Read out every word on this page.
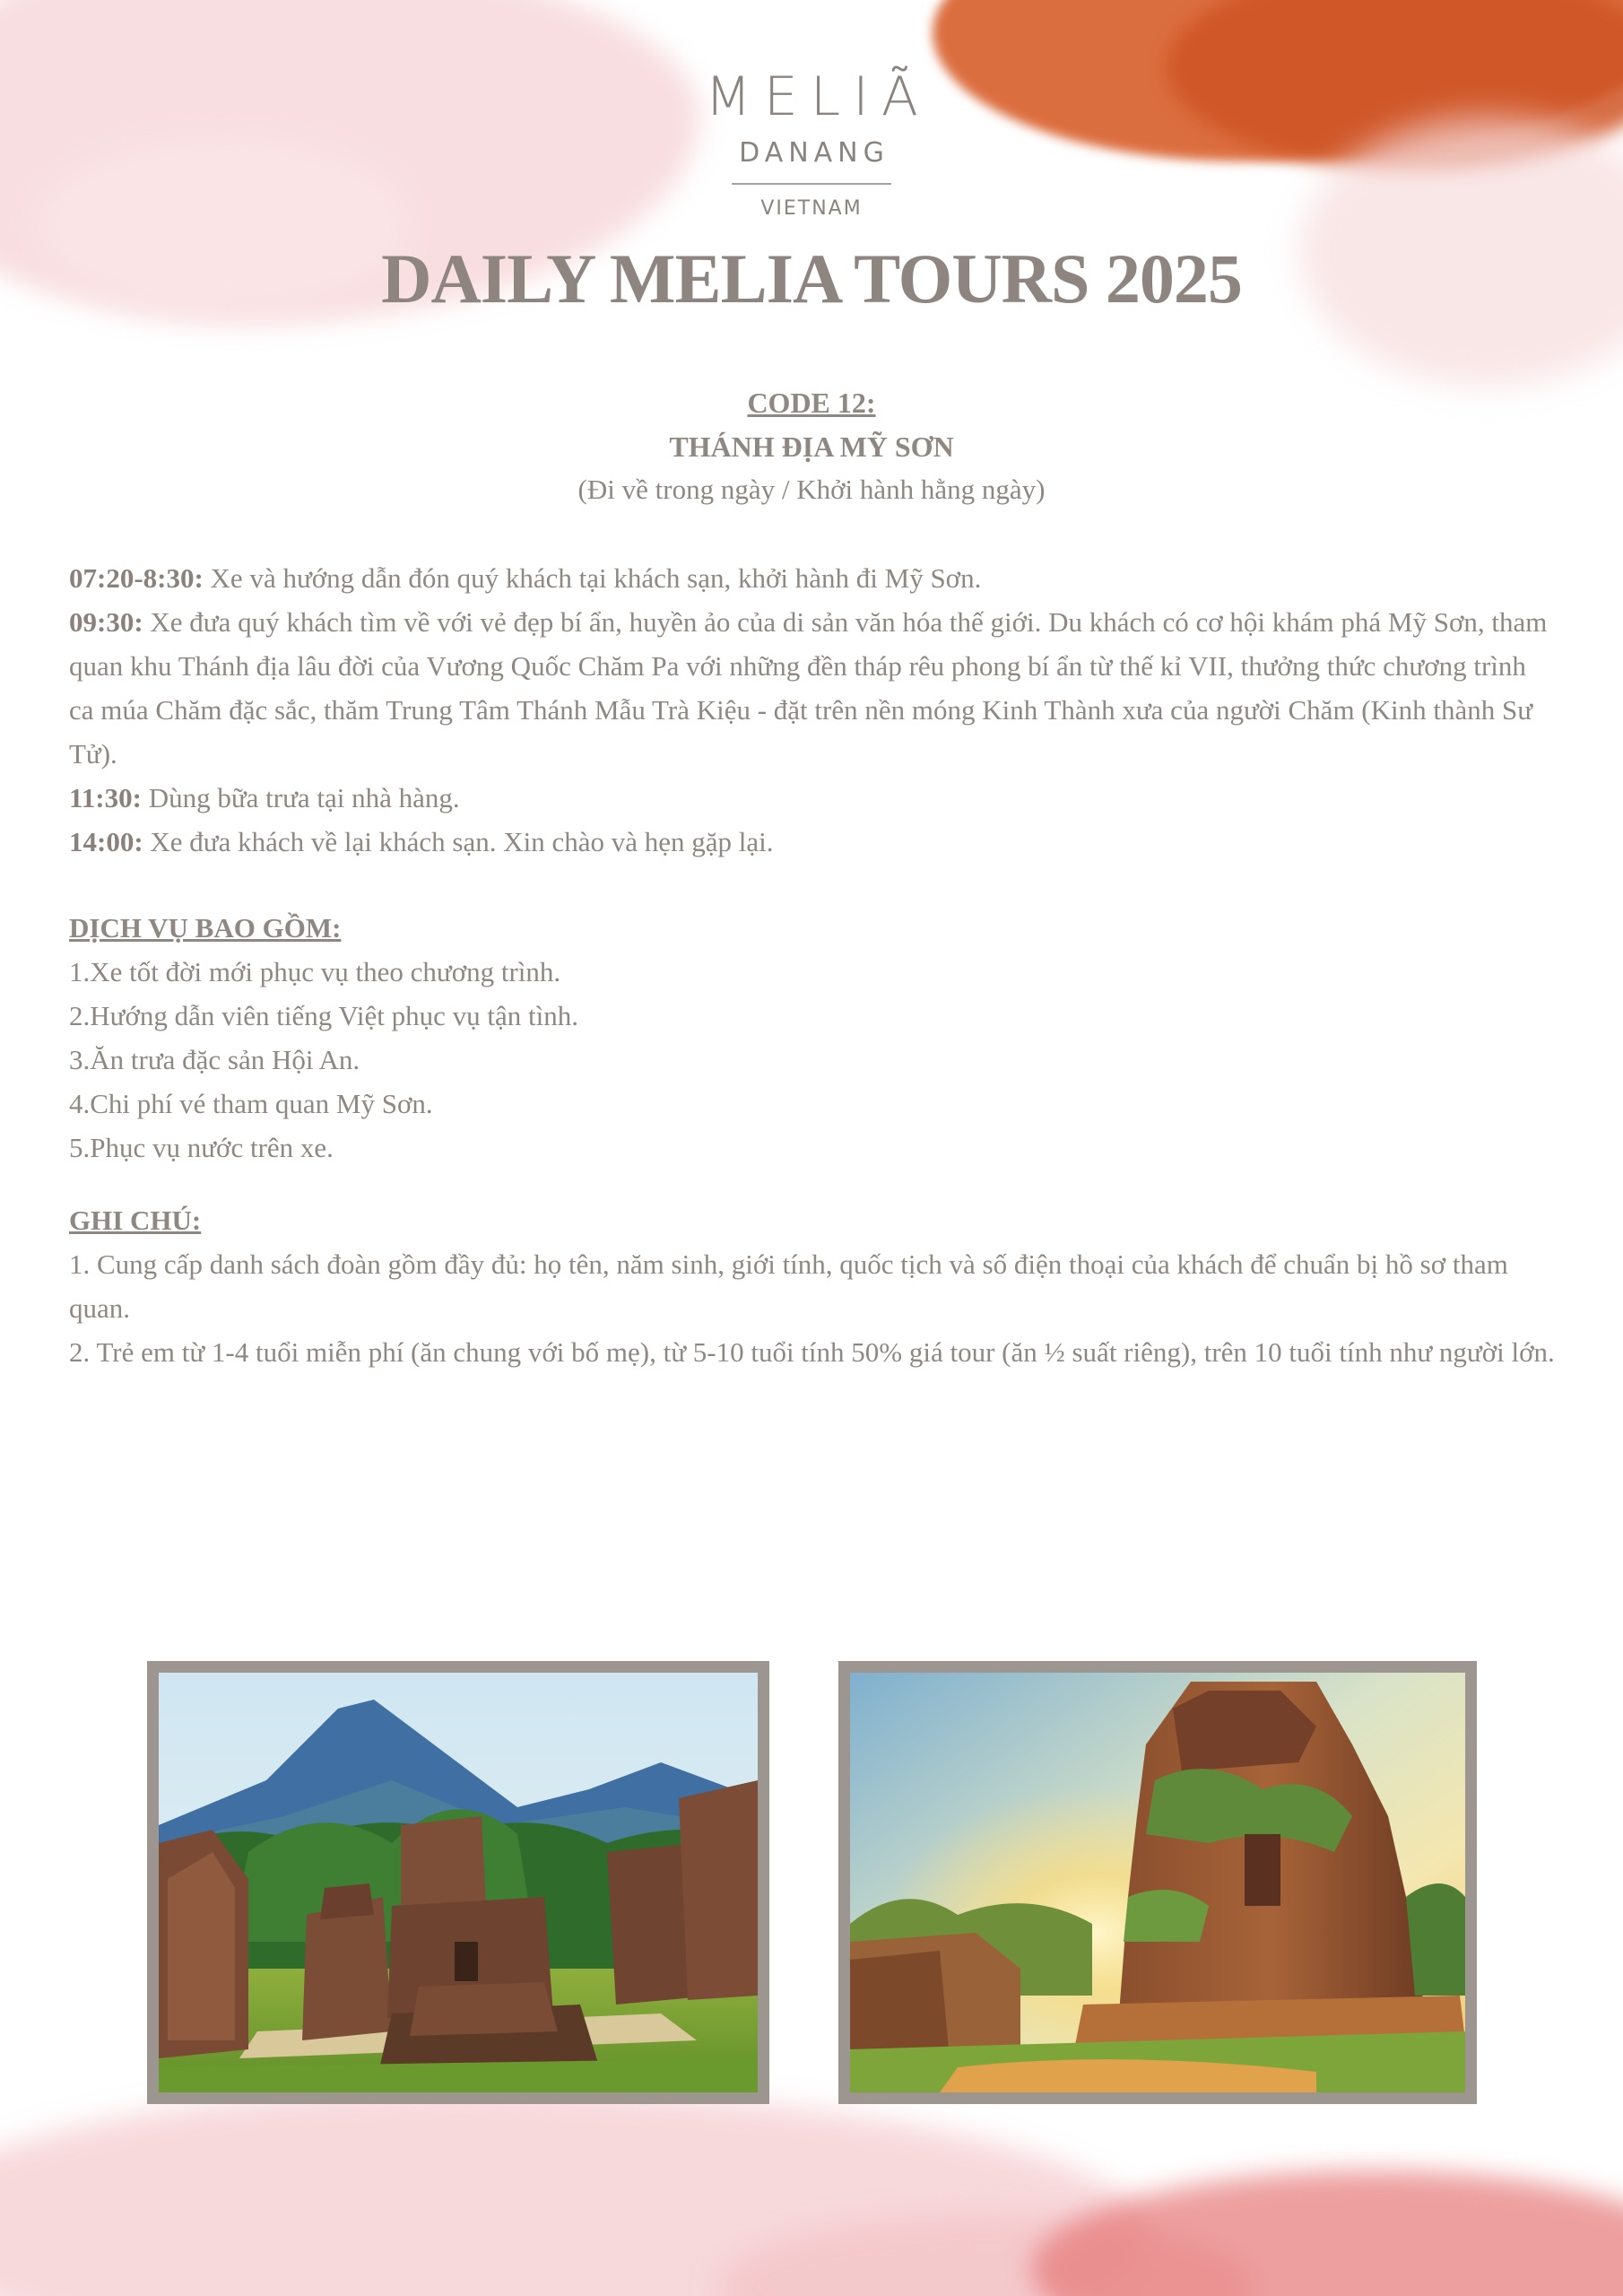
MELIÃ
DANANG
VIETNAM
DAILY MELIA TOURS 2025
CODE 12:
THÁNH ĐỊA MỸ SƠN
(Đi về trong ngày / Khởi hành hằng ngày)

07:20-8:30: Xe và hướng dẫn đón quý khách tại khách sạn, khởi hành đi Mỹ Sơn.

09:30: Xe đưa quý khách tìm về với vẻ đẹp bí ẩn, huyền ảo của di sản văn hóa thế giới. Du khách có cơ hội khám phá Mỹ Sơn, tham quan khu Thánh địa lâu đời của Vương Quốc Chăm Pa với những đền tháp rêu phong bí ẩn từ thế kỉ VII, thưởng thức chương trình ca múa Chăm đặc sắc, thăm Trung Tâm Thánh Mẫu Trà Kiệu - đặt trên nền móng Kinh Thành xưa của người Chăm (Kinh thành Sư Tử).

11:30: Dùng bữa trưa tại nhà hàng.

14:00: Xe đưa khách về lại khách sạn. Xin chào và hẹn gặp lại.

DỊCH VỤ BAO GỒM:

1.Xe tốt đời mới phục vụ theo chương trình.

2.Hướng dẫn viên tiếng Việt phục vụ tận tình.

3.Ăn trưa đặc sản Hội An.

4.Chi phí vé tham quan Mỹ Sơn.

5.Phục vụ nước trên xe.

GHI CHÚ:

1. Cung cấp danh sách đoàn gồm đầy đủ: họ tên, năm sinh, giới tính, quốc tịch và số điện thoại của khách để chuẩn bị hồ sơ tham quan.

2. Trẻ em từ 1-4 tuổi miễn phí (ăn chung với bố mẹ), từ 5-10 tuổi tính 50% giá tour (ăn ½ suất riêng), trên 10 tuổi tính như người lớn.
